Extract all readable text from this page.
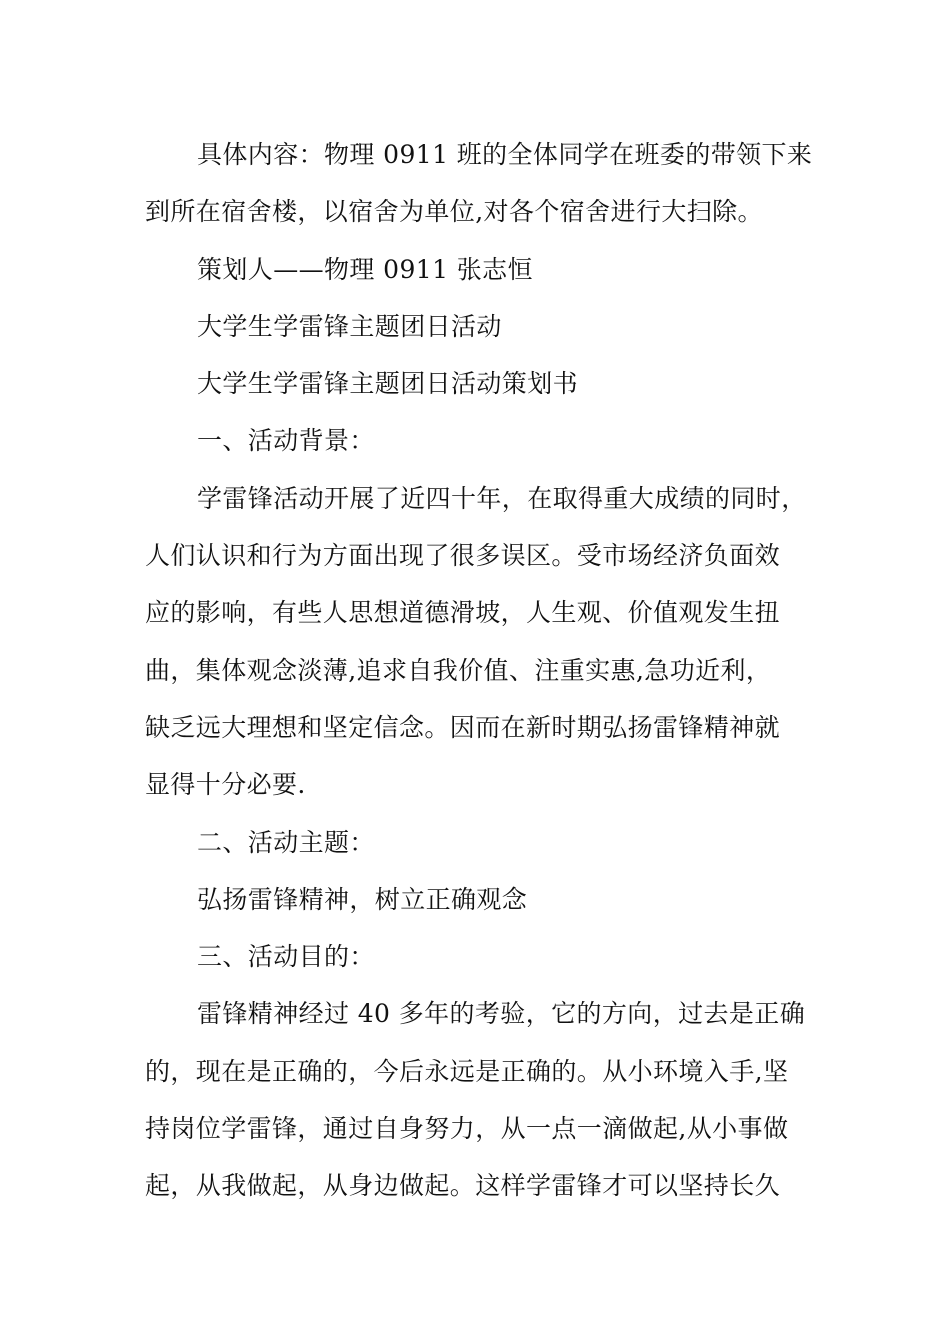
具体内容：物理 0911 班的全体同学在班委的带领下来
到所在宿舍楼，以宿舍为单位,对各个宿舍进行大扫除。
策划人——物理 0911 张志恒
大学生学雷锋主题团日活动
大学生学雷锋主题团日活动策划书
一、活动背景：
学雷锋活动开展了近四十年，在取得重大成绩的同时，
人们认识和行为方面出现了很多误区。受市场经济负面效
应的影响，有些人思想道德滑坡，人生观、价值观发生扭
曲，集体观念淡薄,追求自我价值、注重实惠,急功近利，
缺乏远大理想和坚定信念。因而在新时期弘扬雷锋精神就
显得十分必要.
二、活动主题：
弘扬雷锋精神，树立正确观念
三、活动目的：
雷锋精神经过 40 多年的考验，它的方向，过去是正确
的，现在是正确的，今后永远是正确的。从小环境入手,坚
持岗位学雷锋，通过自身努力，从一点一滴做起,从小事做
起，从我做起，从身边做起。这样学雷锋才可以坚持长久
